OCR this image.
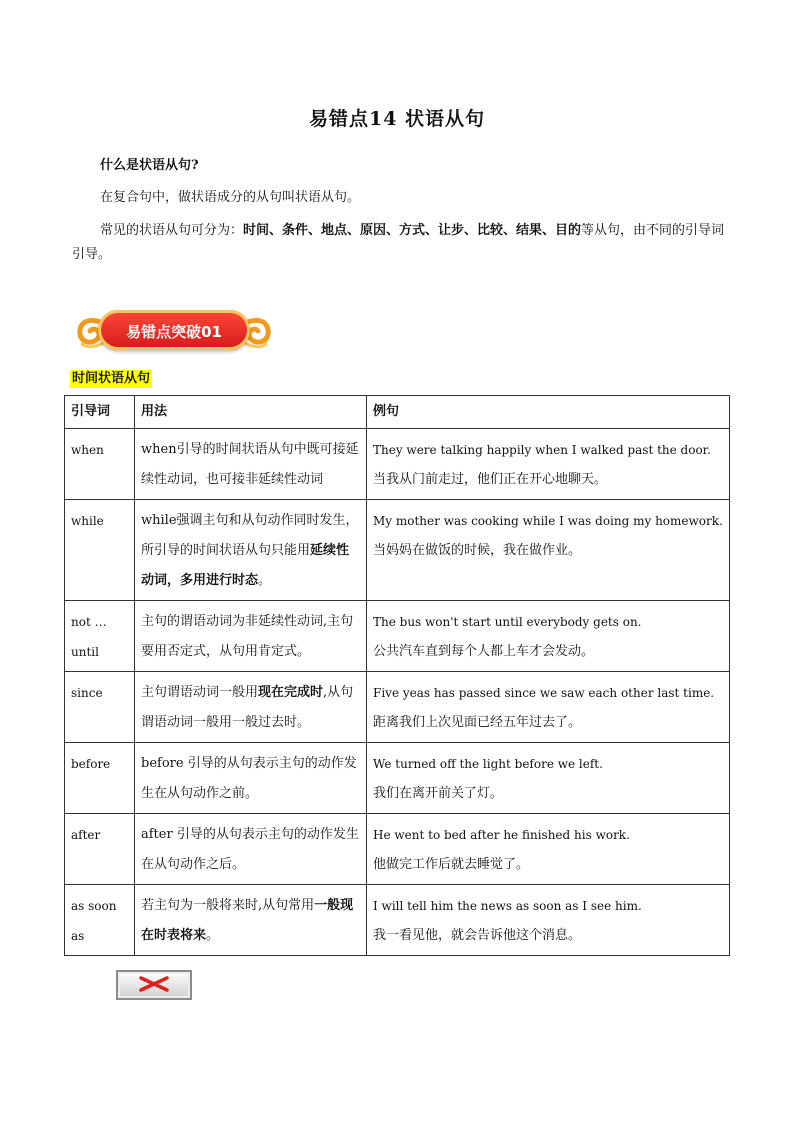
易错点14 状语从句
什么是状语从句?
在复合句中，做状语成分的从句叫状语从句。
常见的状语从句可分为：时间、条件、地点、原因、方式、让步、比较、结果、目的等从句，由不同的引导词引导。
易错点突破01
时间状语从句
引导词	用法	例句
when	when引导的时间状语从句中既可接延续性动词，也可接非延续性动词	They were talking happily when I walked past the door.
当我从门前走过，他们正在开心地聊天。

while	while强调主句和从句动作同时发生，所引导的时间状语从句只能用延续性动词，多用进行时态。	My mother was cooking while I was doing my homework.
当妈妈在做饭的时候，我在做作业。

not … until	主句的谓语动词为非延续性动词,主句要用否定式，从句用肯定式。	The bus won't start until everybody gets on.
公共汽车直到每个人都上车才会发动。

since	主句谓语动词一般用现在完成时,从句谓语动词一般用一般过去时。	Five yeas has passed since we saw each other last time.
距离我们上次见面已经五年过去了。

before	before 引导的从句表示主句的动作发生在从句动作之前。	We turned off the light before we left.
我们在离开前关了灯。

after	after 引导的从句表示主句的动作发生在从句动作之后。	He went to bed after he finished his work.
他做完工作后就去睡觉了。

as soon as	若主句为一般将来时,从句常用一般现在时表将来。	I will tell him the news as soon as I see him.
我一看见他，就会告诉他这个消息。
